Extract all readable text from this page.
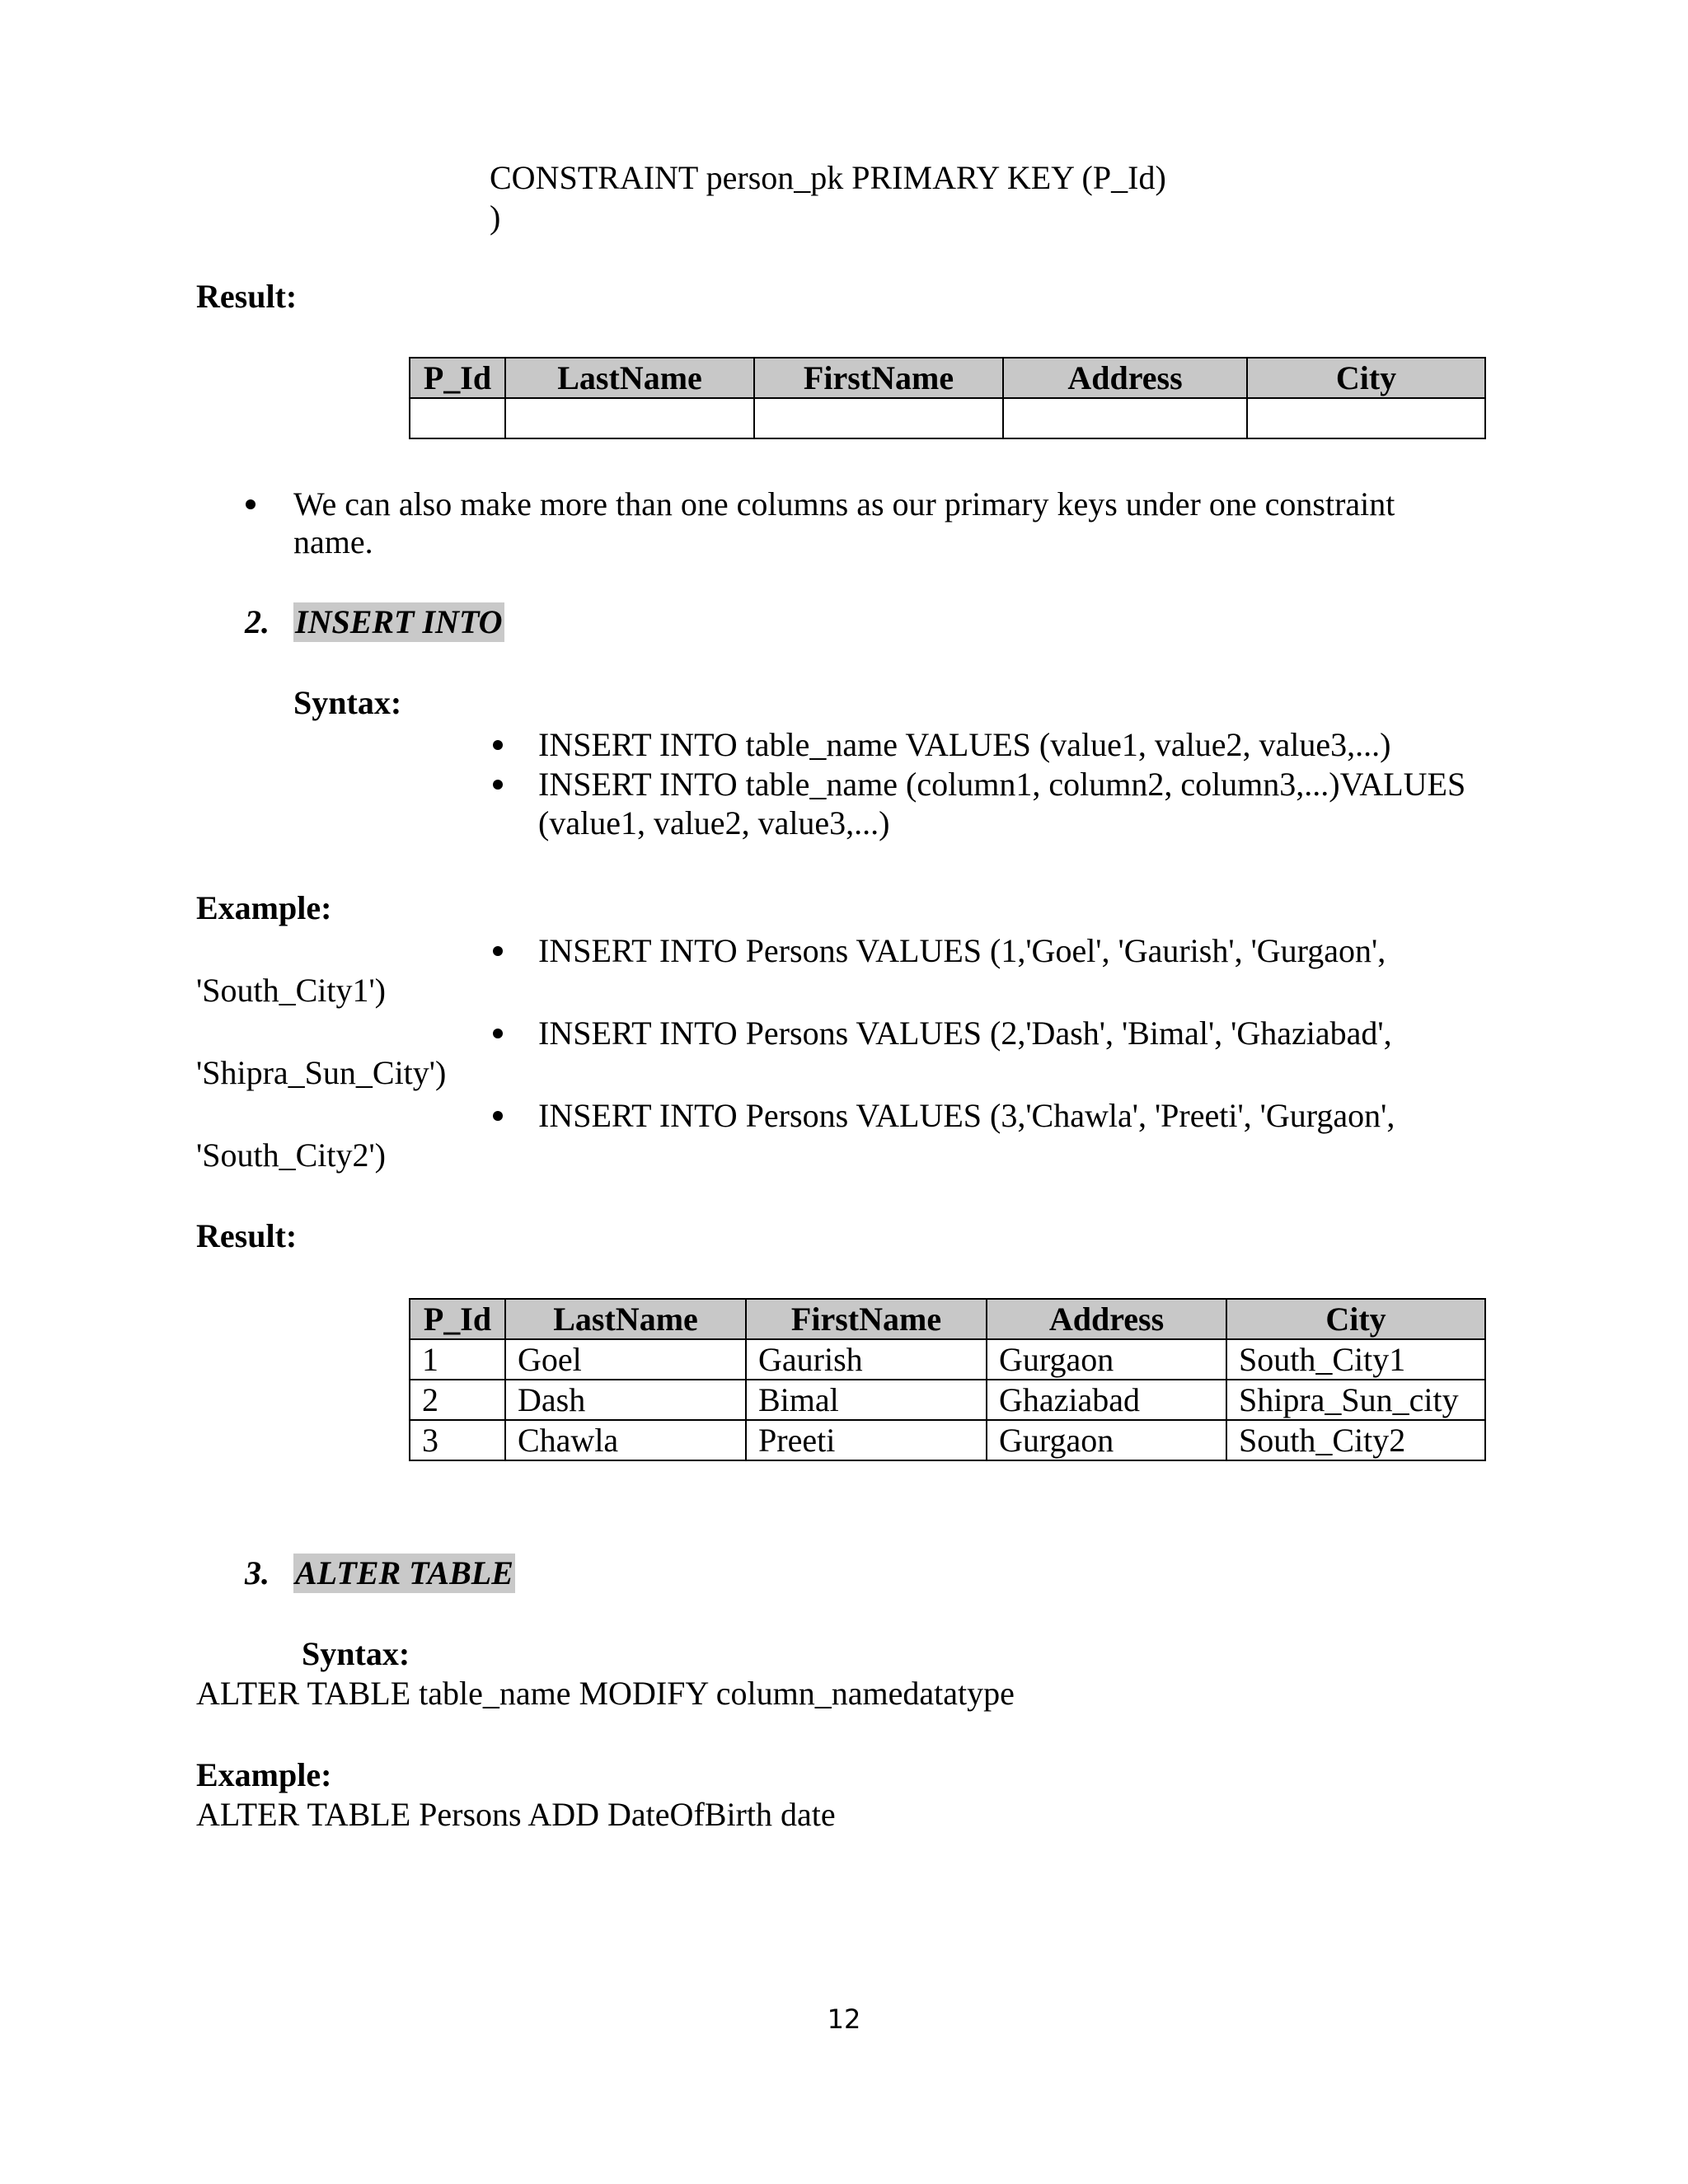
CONSTRAINT person_pk PRIMARY KEY (P_Id)
)
Result:
P_Id	LastName	FirstName	Address	City

We can also make more than one columns as our primary keys under one constraint
name.
2. INSERT INTO
Syntax:
INSERT INTO table_name VALUES (value1, value2, value3,...)
INSERT INTO table_name (column1, column2, column3,...)VALUES
(value1, value2, value3,...)
Example:
INSERT INTO Persons VALUES (1,'Goel', 'Gaurish', 'Gurgaon',
'South_City1')
INSERT INTO Persons VALUES (2,'Dash', 'Bimal', 'Ghaziabad',
'Shipra_Sun_City')
INSERT INTO Persons VALUES (3,'Chawla', 'Preeti', 'Gurgaon',
'South_City2')
Result:
P_Id	LastName	FirstName	Address	City
1	Goel	Gaurish	Gurgaon	South_City1
2	Dash	Bimal	Ghaziabad	Shipra_Sun_city
3	Chawla	Preeti	Gurgaon	South_City2
3. ALTER TABLE
Syntax:
ALTER TABLE table_name MODIFY column_namedatatype
Example:
ALTER TABLE Persons ADD DateOfBirth date
12
